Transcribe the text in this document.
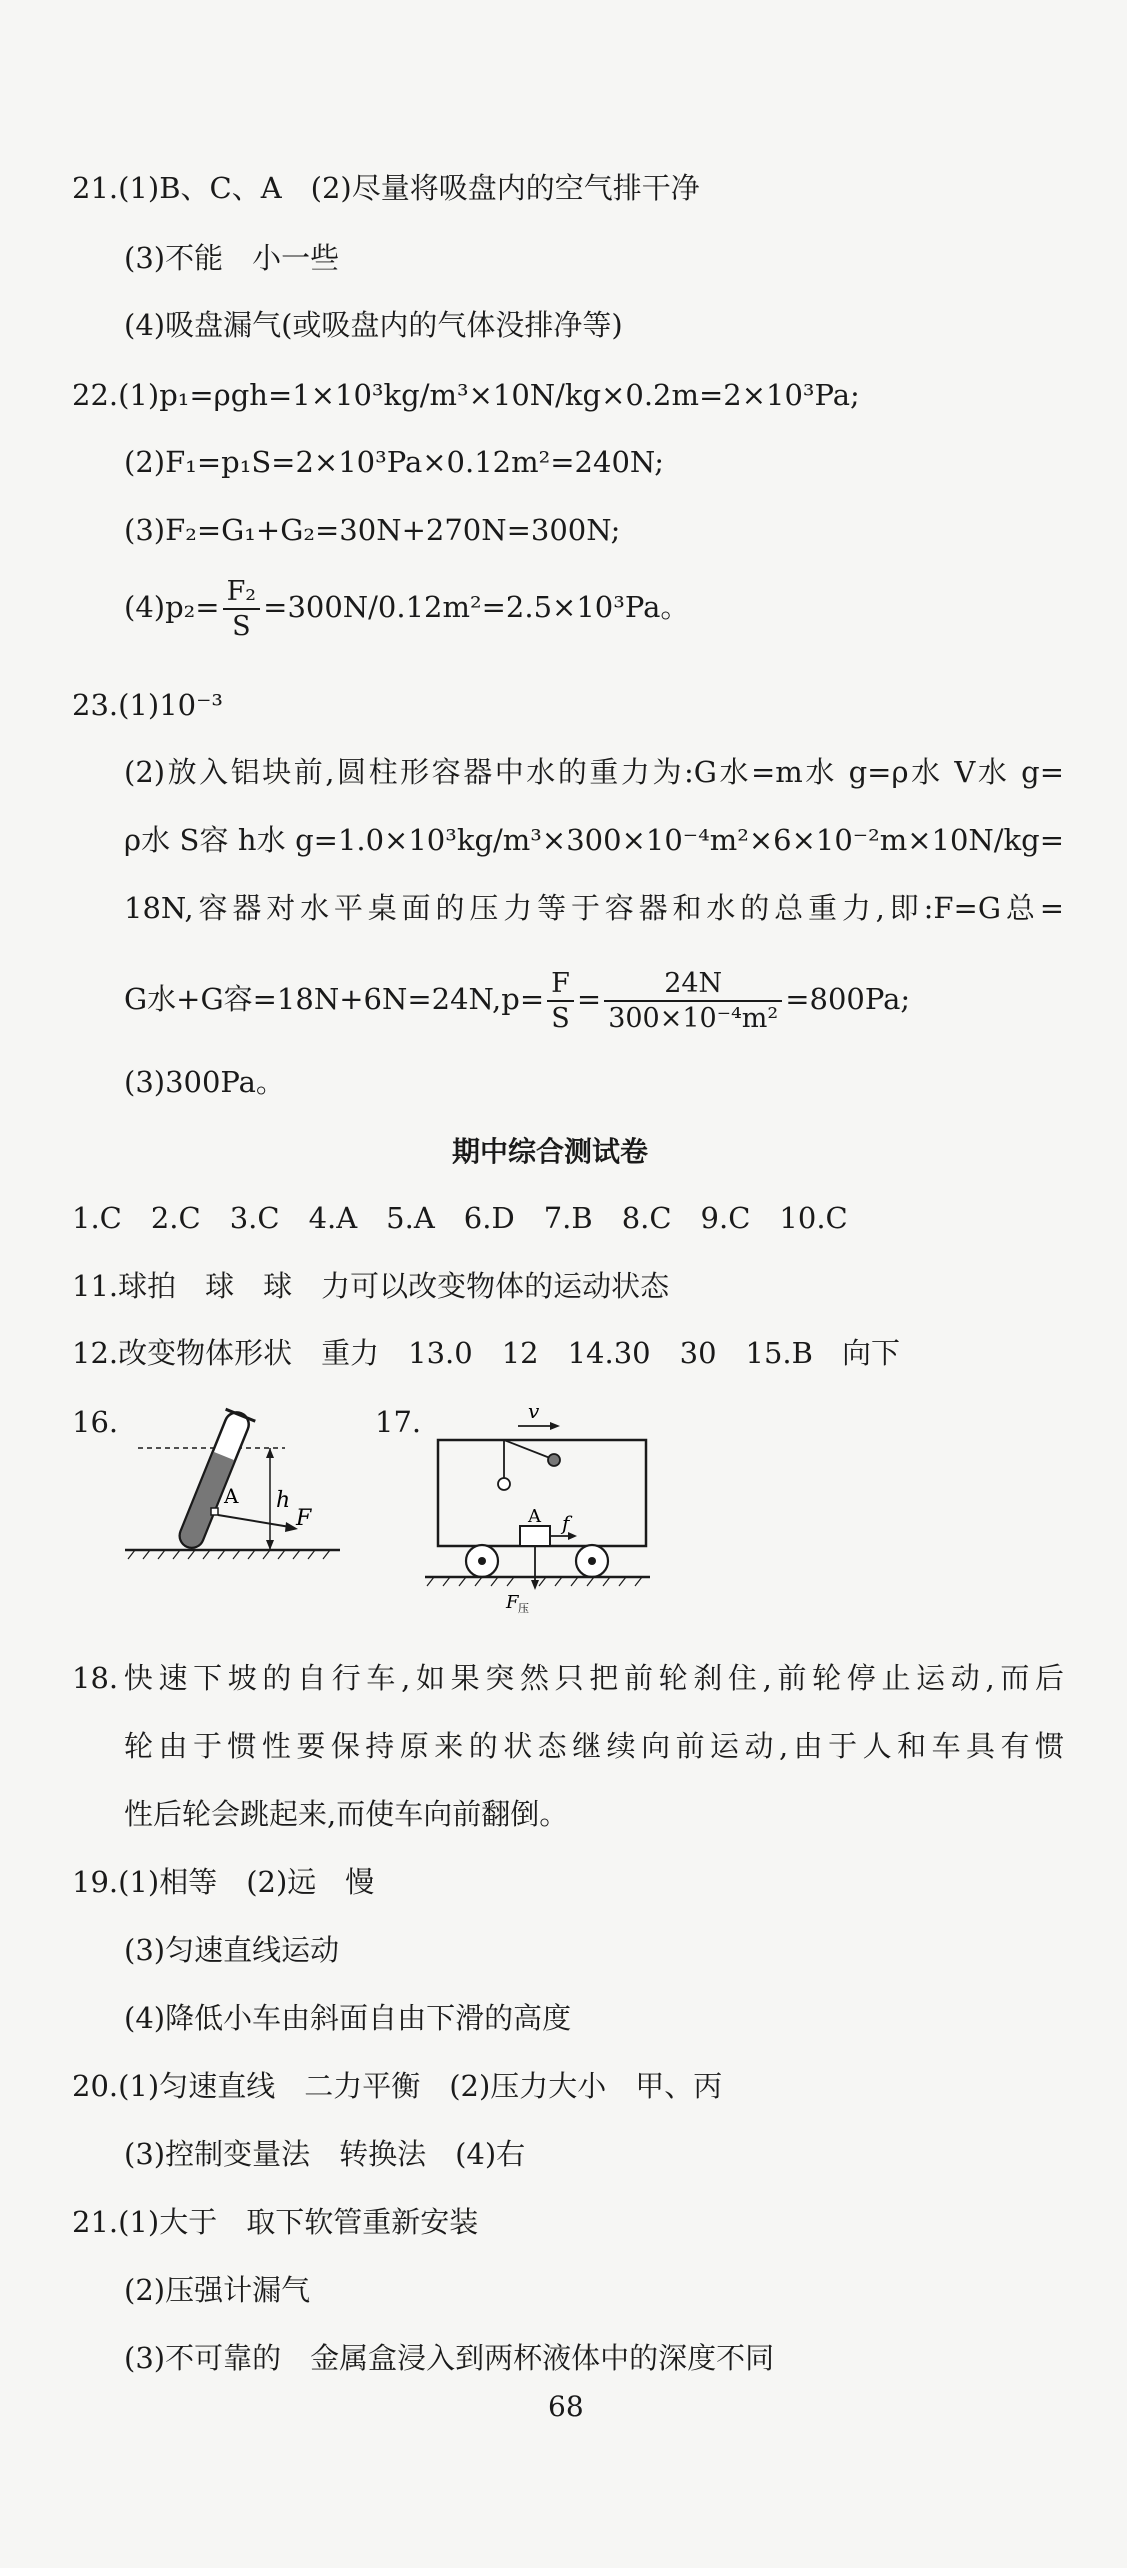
21.(1)B、C、A　(2)尽量将吸盘内的空气排干净
(3)不能　小一些
(4)吸盘漏气(或吸盘内的气体没排净等)
22.(1)p₁=ρgh=1×10³kg/m³×10N/kg×0.2m=2×10³Pa;
(2)F₁=p₁S=2×10³Pa×0.12m²=240N;
(3)F₂=G₁+G₂=30N+270N=300N;
$(4)p_2= \frac{\text{F₂}}{S} =300N/0.12m^2=2.5\times 10^3Pa$。
23.(1)10⁻³
(2)放入铝块前,圆柱形容器中水的重力为:G水=m水 g=ρ水 V水 g=
ρ水 S容 h水 g=1.0×10³kg/m³×300×10⁻⁴m²×6×10⁻²m×10N/kg=
18N,容器对水平桌面的压力等于容器和水的总重力,即:F=G总=
G水+G容$=18N+6N=24N,p= \frac{F}{S} = \frac{24N}{\text{300×10⁻⁴m²}} =800Pa$;
(3)300Pa。
期中综合测试卷
1.C　2.C　3.C　4.A　5.A　6.D　7.B　8.C　9.C　10.C
11.球拍　球　球　力可以改变物体的运动状态
12.改变物体形状　重力　13.0　12　14.30　30　15.B　向下
16.
A h
F
17.	v
A f
F 压
18.快速下坡的自行车,如果突然只把前轮刹住,前轮停止运动,而后
轮由于惯性要保持原来的状态继续向前运动,由于人和车具有惯
性后轮会跳起来,而使车向前翻倒。
19.(1)相等　(2)远　慢
(3)匀速直线运动
(4)降低小车由斜面自由下滑的高度
20.(1)匀速直线　二力平衡　(2)压力大小　甲、丙
(3)控制变量法　转换法　(4)右
21.(1)大于　取下软管重新安装
(2)压强计漏气
(3)不可靠的　金属盒浸入到两杯液体中的深度不同
68
